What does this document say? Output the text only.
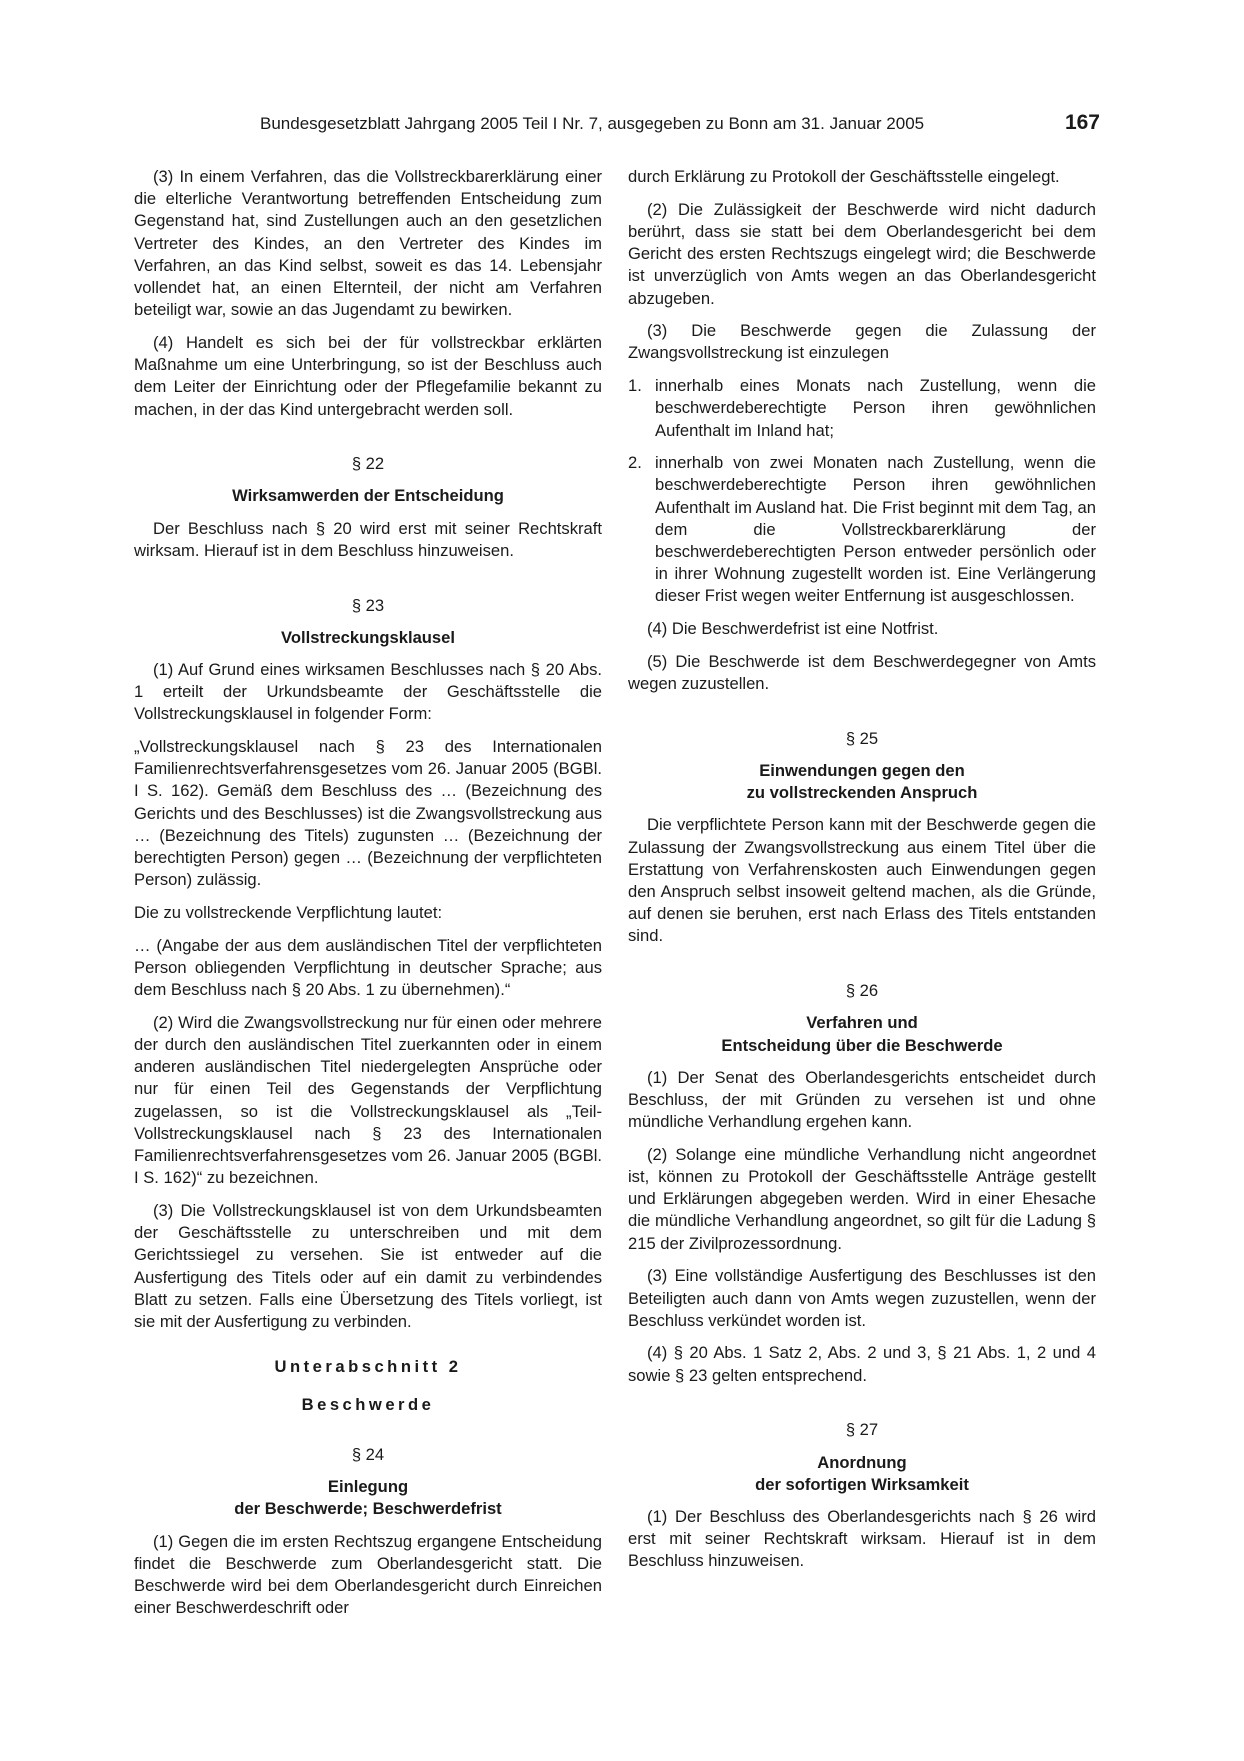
Bundesgesetzblatt Jahrgang 2005 Teil I Nr. 7, ausgegeben zu Bonn am 31. Januar 2005	167

(3) In einem Verfahren, das die Vollstreckbarerklärung einer die elterliche Verantwortung betreffenden Entscheidung zum Gegenstand hat, sind Zustellungen auch an den gesetzlichen Vertreter des Kindes, an den Vertreter des Kindes im Verfahren, an das Kind selbst, soweit es das 14. Lebensjahr vollendet hat, an einen Elternteil, der nicht am Verfahren beteiligt war, sowie an das Jugendamt zu bewirken.

(4) Handelt es sich bei der für vollstreckbar erklärten Maßnahme um eine Unterbringung, so ist der Beschluss auch dem Leiter der Einrichtung oder der Pflegefamilie bekannt zu machen, in der das Kind untergebracht werden soll.

§ 22

Wirksamwerden der Entscheidung

Der Beschluss nach § 20 wird erst mit seiner Rechtskraft wirksam. Hierauf ist in dem Beschluss hinzuweisen.

§ 23

Vollstreckungsklausel

(1) Auf Grund eines wirksamen Beschlusses nach § 20 Abs. 1 erteilt der Urkundsbeamte der Geschäftsstelle die Vollstreckungsklausel in folgender Form:

„Vollstreckungsklausel nach § 23 des Internationalen Familienrechtsverfahrensgesetzes vom 26. Januar 2005 (BGBl. I S. 162). Gemäß dem Beschluss des … (Bezeichnung des Gerichts und des Beschlusses) ist die Zwangsvollstreckung aus … (Bezeichnung des Titels) zugunsten … (Bezeichnung der berechtigten Person) gegen … (Bezeichnung der verpflichteten Person) zulässig.

Die zu vollstreckende Verpflichtung lautet:

… (Angabe der aus dem ausländischen Titel der verpflichteten Person obliegenden Verpflichtung in deutscher Sprache; aus dem Beschluss nach § 20 Abs. 1 zu übernehmen).“

(2) Wird die Zwangsvollstreckung nur für einen oder mehrere der durch den ausländischen Titel zuerkannten oder in einem anderen ausländischen Titel niedergelegten Ansprüche oder nur für einen Teil des Gegenstands der Verpflichtung zugelassen, so ist die Vollstreckungsklausel als „Teil-Vollstreckungsklausel nach § 23 des Internationalen Familienrechtsverfahrensgesetzes vom 26. Januar 2005 (BGBl. I S. 162)“ zu bezeichnen.

(3) Die Vollstreckungsklausel ist von dem Urkundsbeamten der Geschäftsstelle zu unterschreiben und mit dem Gerichtssiegel zu versehen. Sie ist entweder auf die Ausfertigung des Titels oder auf ein damit zu verbindendes Blatt zu setzen. Falls eine Übersetzung des Titels vorliegt, ist sie mit der Ausfertigung zu verbinden.

Unterabschnitt 2

Beschwerde

§ 24

Einlegung
der Beschwerde; Beschwerdefrist

(1) Gegen die im ersten Rechtszug ergangene Entscheidung findet die Beschwerde zum Oberlandesgericht statt. Die Beschwerde wird bei dem Oberlandesgericht durch Einreichen einer Beschwerdeschrift oder

durch Erklärung zu Protokoll der Geschäftsstelle eingelegt.

(2) Die Zulässigkeit der Beschwerde wird nicht dadurch berührt, dass sie statt bei dem Oberlandesgericht bei dem Gericht des ersten Rechtszugs eingelegt wird; die Beschwerde ist unverzüglich von Amts wegen an das Oberlandesgericht abzugeben.

(3) Die Beschwerde gegen die Zulassung der Zwangsvollstreckung ist einzulegen

1. innerhalb eines Monats nach Zustellung, wenn die beschwerdeberechtigte Person ihren gewöhnlichen Aufenthalt im Inland hat;
2. innerhalb von zwei Monaten nach Zustellung, wenn die beschwerdeberechtigte Person ihren gewöhnlichen Aufenthalt im Ausland hat. Die Frist beginnt mit dem Tag, an dem die Vollstreckbarerklärung der beschwerdeberechtigten Person entweder persönlich oder in ihrer Wohnung zugestellt worden ist. Eine Verlängerung dieser Frist wegen weiter Entfernung ist ausgeschlossen.

(4) Die Beschwerdefrist ist eine Notfrist.

(5) Die Beschwerde ist dem Beschwerdegegner von Amts wegen zuzustellen.

§ 25

Einwendungen gegen den
zu vollstreckenden Anspruch

Die verpflichtete Person kann mit der Beschwerde gegen die Zulassung der Zwangsvollstreckung aus einem Titel über die Erstattung von Verfahrenskosten auch Einwendungen gegen den Anspruch selbst insoweit geltend machen, als die Gründe, auf denen sie beruhen, erst nach Erlass des Titels entstanden sind.

§ 26

Verfahren und
Entscheidung über die Beschwerde

(1) Der Senat des Oberlandesgerichts entscheidet durch Beschluss, der mit Gründen zu versehen ist und ohne mündliche Verhandlung ergehen kann.

(2) Solange eine mündliche Verhandlung nicht angeordnet ist, können zu Protokoll der Geschäftsstelle Anträge gestellt und Erklärungen abgegeben werden. Wird in einer Ehesache die mündliche Verhandlung angeordnet, so gilt für die Ladung § 215 der Zivilprozessordnung.

(3) Eine vollständige Ausfertigung des Beschlusses ist den Beteiligten auch dann von Amts wegen zuzustellen, wenn der Beschluss verkündet worden ist.

(4) § 20 Abs. 1 Satz 2, Abs. 2 und 3, § 21 Abs. 1, 2 und 4 sowie § 23 gelten entsprechend.

§ 27

Anordnung
der sofortigen Wirksamkeit

(1) Der Beschluss des Oberlandesgerichts nach § 26 wird erst mit seiner Rechtskraft wirksam. Hierauf ist in dem Beschluss hinzuweisen.
